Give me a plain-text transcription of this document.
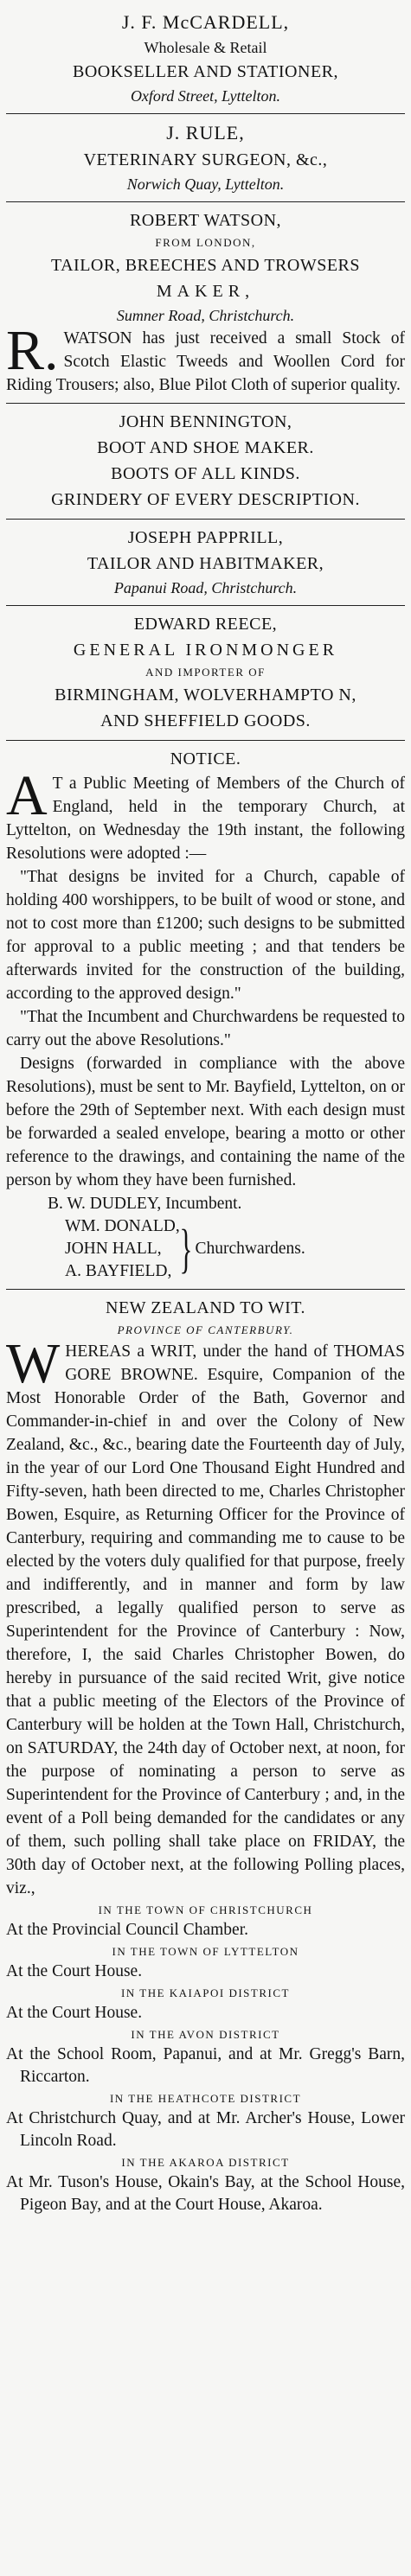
J. F. McCARDELL,
Wholesale & Retail
BOOKSELLER AND STATIONER,
Oxford Street, Lyttelton.
J. RULE,
VETERINARY SURGEON, &c.,
Norwich Quay, Lyttelton.
ROBERT WATSON,
FROM LONDON,
TAILOR, BREECHES AND TROWSERS
MAKER,
Sumner Road, Christchurch.
R. WATSON has just received a small Stock of Scotch Elastic Tweeds and Woollen Cord for Riding Trousers; also, Blue Pilot Cloth of superior quality.
JOHN BENNINGTON,
BOOT AND SHOE MAKER.
BOOTS OF ALL KINDS.
GRINDERY OF EVERY DESCRIPTION.
JOSEPH PAPPRILL,
TAILOR AND HABITMAKER,
Papanui Road, Christchurch.
EDWARD REECE,
GENERAL IRONMONGER
AND IMPORTER OF
BIRMINGHAM, WOLVERHAMPTO N,
AND SHEFFIELD GOODS.
NOTICE.
A T a Public Meeting of Members of the Church of England, held in the temporary Church, at Lyttelton, on Wednesday the 19th instant, the following Resolutions were adopted :—
"That designs be invited for a Church, capable of holding 400 worshippers, to be built of wood or stone, and not to cost more than £1200; such designs to be submitted for approval to a public meeting ; and that tenders be afterwards invited for the construction of the building, according to the approved design."
"That the Incumbent and Churchwardens be requested to carry out the above Resolutions."
Designs (forwarded in compliance with the above Resolutions), must be sent to Mr. Bayfield, Lyttelton, on or before the 29th of September next. With each design must be forwarded a sealed envelope, bearing a motto or other reference to the drawings, and containing the name of the person by whom they have been furnished.
B. W. DUDLEY, Incumbent.
WM. DONALD,
JOHN HALL,
A. BAYFIELD, } Churchwardens.
NEW ZEALAND TO WIT.
PROVINCE OF CANTERBURY.
WHEREAS a WRIT, under the hand of THOMAS GORE BROWNE. Esquire, Companion of the Most Honorable Order of the Bath, Governor and Commander-in-chief in and over the Colony of New Zealand, &c., &c., bearing date the Fourteenth day of July, in the year of our Lord One Thousand Eight Hundred and Fifty-seven, hath been directed to me, Charles Christopher Bowen, Esquire, as Returning Officer for the Province of Canterbury, requiring and commanding me to cause to be elected by the voters duly qualified for that purpose, freely and indifferently, and in manner and form by law prescribed, a legally qualified person to serve as Superintendent for the Province of Canterbury : Now, therefore, I, the said Charles Christopher Bowen, do hereby in pursuance of the said recited Writ, give notice that a public meeting of the Electors of the Province of Canterbury will be holden at the Town Hall, Christchurch, on SATURDAY, the 24th day of October next, at noon, for the purpose of nominating a person to serve as Superintendent for the Province of Canterbury ; and, in the event of a Poll being demanded for the candidates or any of them, such polling shall take place on FRIDAY, the 30th day of October next, at the following Polling places, viz.,
IN THE TOWN OF CHRISTCHURCH
At the Provincial Council Chamber.
IN THE TOWN OF LYTTELTON
At the Court House.
IN THE KAIAPOI DISTRICT
At the Court House.
IN THE AVON DISTRICT
At the School Room, Papanui, and at Mr. Gregg's Barn, Riccarton.
IN THE HEATHCOTE DISTRICT
At Christchurch Quay, and at Mr. Archer's House, Lower Lincoln Road.
IN THE AKAROA DISTRICT
At Mr. Tuson's House, Okain's Bay, at the School House, Pigeon Bay, and at the Court House, Akaroa.
